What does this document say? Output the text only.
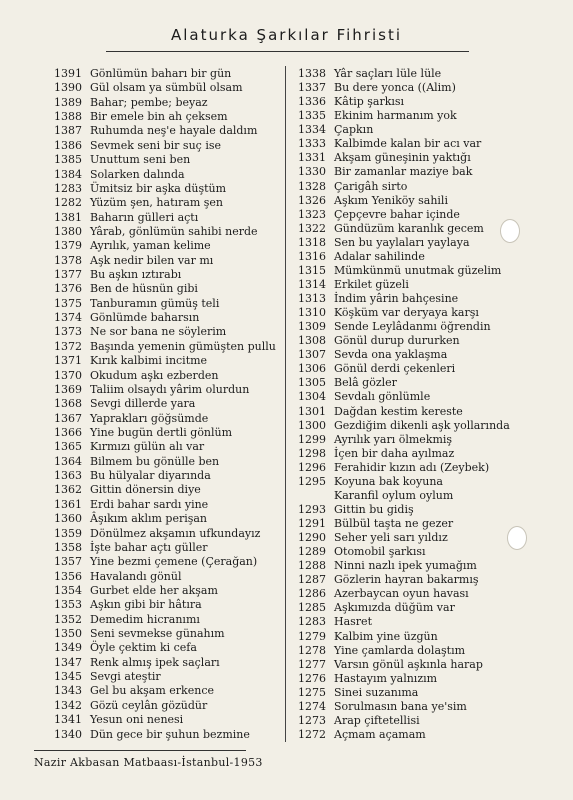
Alaturka Şarkılar Fihristi
1391 Gönlümün baharı bir gün
1390 Gül olsam ya sümbül olsam
1389 Bahar; pembe; beyaz
1388 Bir emele bin ah çeksem
1387 Ruhumda neş'e hayale daldım
1386 Sevmek seni bir suç ise
1385 Unuttum seni ben
1384 Solarken dalında
1283 Ümitsiz bir aşka düştüm
1282 Yüzüm şen, hatıram şen
1381 Baharın gülleri açtı
1380 Yârab, gönlümün sahibi nerde
1379 Ayrılık, yaman kelime
1378 Aşk nedir bilen var mı
1377 Bu aşkın ıztırabı
1376 Ben de hüsnün gibi
1375 Tanburamın gümüş teli
1374 Gönlümde baharsın
1373 Ne sor bana ne söylerim
1372 Başında yemenin gümüşten pullu
1371 Kırık kalbimi incitme
1370 Okudum aşkı ezberden
1369 Taliim olsaydı yârim olurdun
1368 Sevgi dillerde yara
1367 Yaprakları göğsümde
1366 Yine bugün dertli gönlüm
1365 Kırmızı gülün alı var
1364 Bilmem bu gönülle ben
1363 Bu hülyalar diyarında
1362 Gittin dönersin diye
1361 Erdi bahar sardı yine
1360 Âşıkım aklım perişan
1359 Dönülmez akşamın ufkundayız
1358 İşte bahar açtı güller
1357 Yine bezmi çemene (Çerağan)
1356 Havalandı gönül
1354 Gurbet elde her akşam
1353 Aşkın gibi bir hâtıra
1352 Demedim hicranımı
1350 Seni sevmekse günahım
1349 Öyle çektim ki cefa
1347 Renk almış ipek saçları
1345 Sevgi ateştir
1343 Gel bu akşam erkence
1342 Gözü ceylân gözüdür
1341 Yesun oni nenesi
1340 Dün gece bir şuhun bezmine
1338 Yâr saçları lüle lüle
1337 Bu dere yonca ((Alim)
1336 Kâtip şarkısı
1335 Ekinim harmanım yok
1334 Çapkın
1333 Kalbimde kalan bir acı var
1331 Akşam güneşinin yaktığı
1330 Bir zamanlar maziye bak
1328 Çarigâh sirto
1326 Aşkım Yeniköy sahili
1323 Çepçevre bahar içinde
1322 Gündüzüm karanlık gecem
1318 Sen bu yaylaları yaylaya
1316 Adalar sahilinde
1315 Mümkünmü unutmak güzelim
1314 Erkilet güzeli
1313 İndim yârin bahçesine
1310 Köşküm var deryaya karşı
1309 Sende Leylâdanmı öğrendin
1308 Gönül durup dururken
1307 Sevda ona yaklaşma
1306 Gönül derdi çekenleri
1305 Belâ gözler
1304 Sevdalı gönlümle
1301 Dağdan kestim kereste
1300 Gezdiğim dikenli aşk yollarında
1299 Ayrılık yarı ölmekmiş
1298 İçen bir daha ayılmaz
1296 Ferahidir kızın adı (Zeybek)
1295 Koyuna bak koyuna
Karanfil oylum oylum
1293 Gittin bu gidiş
1291 Bülbül taşta ne gezer
1290 Seher yeli sarı yıldız
1289 Otomobil şarkısı
1288 Ninni nazlı ipek yumağım
1287 Gözlerin hayran bakarmış
1286 Azerbaycan oyun havası
1285 Aşkımızda düğüm var
1283 Hasret
1279 Kalbim yine üzgün
1278 Yine çamlarda dolaştım
1277 Varsın gönül aşkınla harap
1276 Hastayım yalnızım
1275 Sinei suzanıma
1274 Sorulmasın bana ye'sim
1273 Arap çiftetellisi
1272 Açmam açamam
Nazir Akbasan Matbaası-İstanbul-1953
